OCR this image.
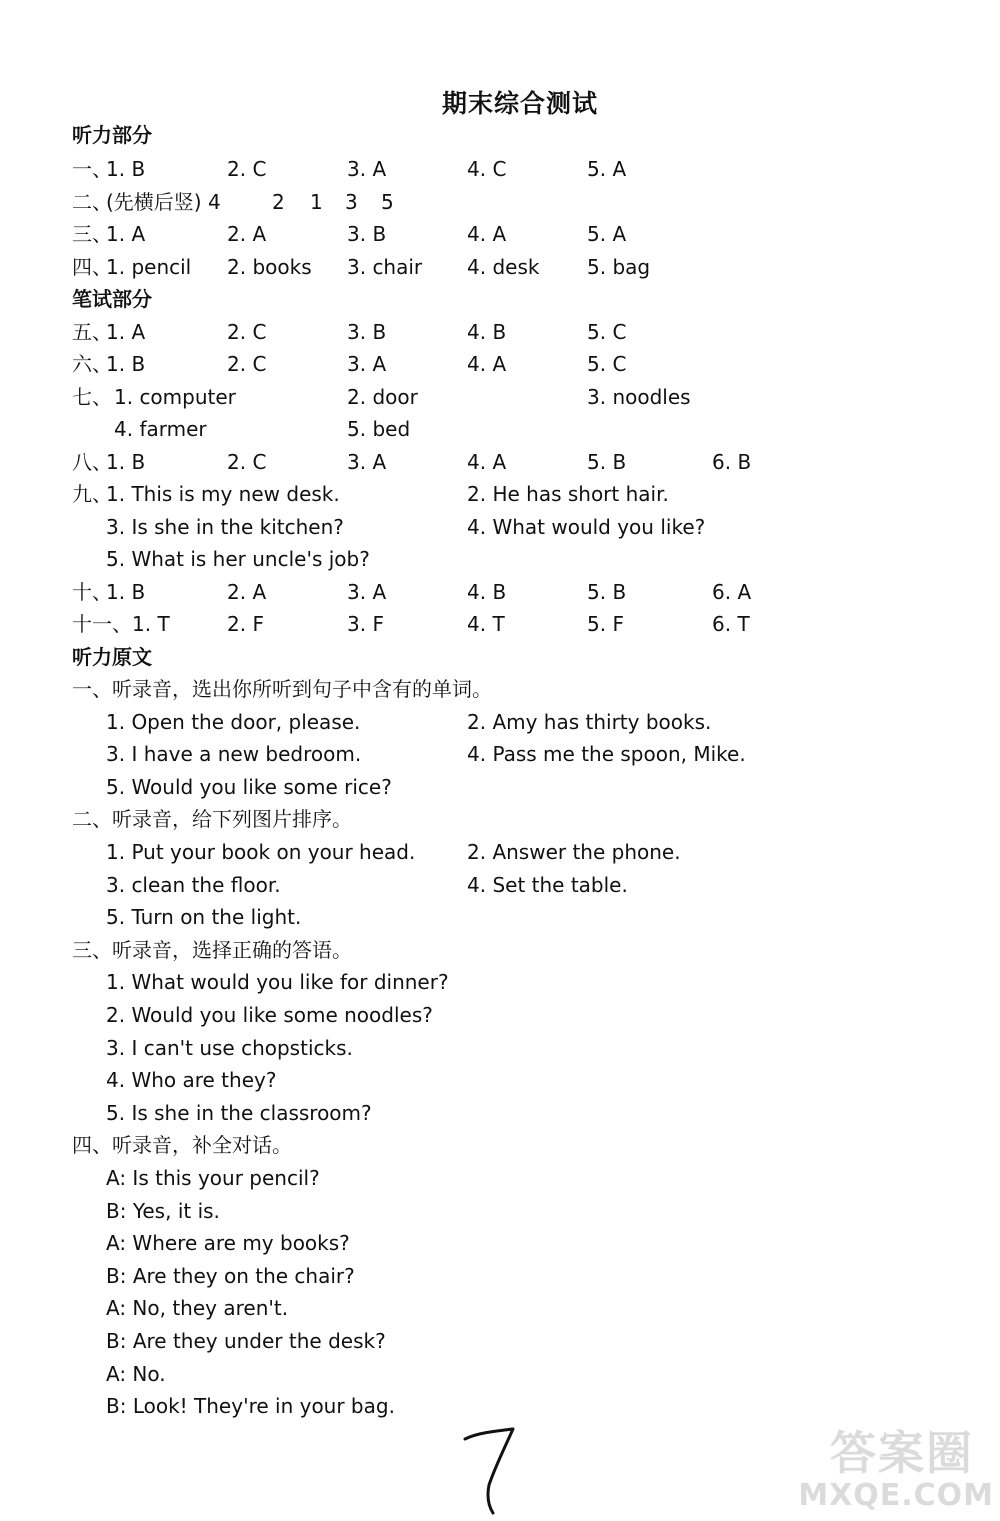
期末综合测试
听力部分
一、
1. B	2. C	3. A	4. C	5. A
二、
(先横后竖) 4	2 1 3 5
三、
1. A	2. A	3. B	4. A	5. A
四、
1. pencil 2. books 3. chair 4. desk 5. bag
笔试部分
五、
1. A	2. C	3. B	4. B	5. C
六、
1. B	2. C	3. A	4. A	5. C
七、 1. computer	2. door	3. noodles
4. farmer	5. bed
八、
1. B	2. C	3. A	4. A	5. B	6. B
九、
1. This is my new desk.	2. He has short hair.
3. Is she in the kitchen?	4. What would you like?
5. What is her uncle's job?
十、
1. B	2. A	3. A	4. B	5. B	6. A
十一、 1. T	2. F	3. F	4. T	5. F	6. T
听力原文
一、听录音，选出你所听到句子中含有的单词。
1. Open the door, please.	2. Amy has thirty books.
3. I have a new bedroom.	4. Pass me the spoon, Mike.
5. Would you like some rice?
二、听录音，给下列图片排序。
1. Put your book on your head.	2. Answer the phone.
3. clean the floor.	4. Set the table.
5. Turn on the light.
三、听录音，选择正确的答语。
1. What would you like for dinner?
2. Would you like some noodles?
3. I can't use chopsticks.
4. Who are they?
5. Is she in the classroom?
四、听录音，补全对话。
A: Is this your pencil?
B: Yes, it is.
A: Where are my books?
B: Are they on the chair?
A: No, they aren't.
B: Are they under the desk?
A: No.
B: Look! They're in your bag.
答案圈
MXQE.COM
